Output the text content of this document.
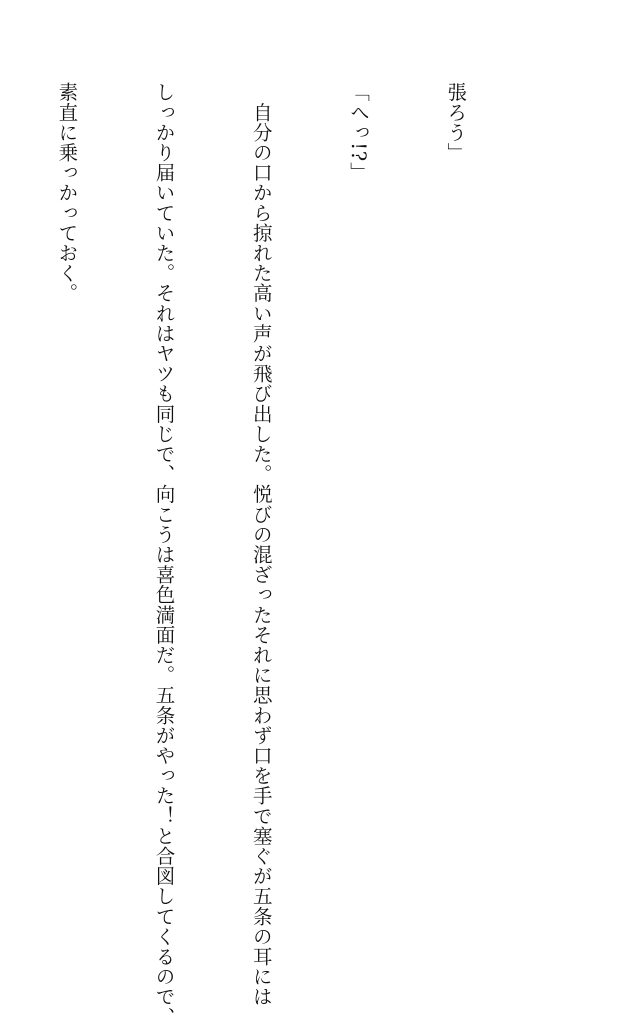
張ろう」

「へっ!?」

　自分の口から掠れた高い声が飛び出した。悦びの混ざったそれに思わず口を手で塞ぐが五条の耳には

しっかり届いていた。それはヤツも同じで、向こうは喜色満面だ。五条がやった！と合図してくるので、

素直に乗っかっておく。
